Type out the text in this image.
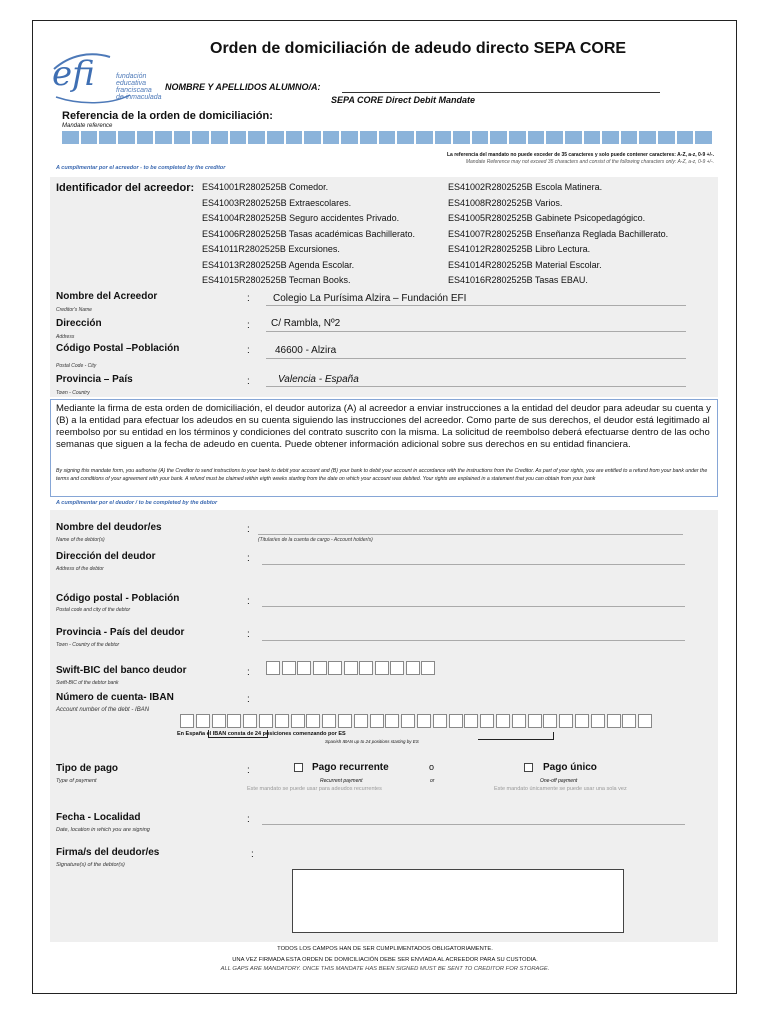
efi	fundación
educativa
franciscana
de inmaculada
Orden de domiciliación de adeudo directo SEPA CORE
NOMBRE Y APELLIDOS ALUMNO/A:
SEPA CORE Direct Debit Mandate
Referencia de la orden de domiciliación:
Mandate reference
La referencia del mandato no puede exceder de 35 caracteres y solo puede contener caracteres: A-Z, a-z, 0-9 +/-.
Mandate Reference may not exceed 35 characters and consist of the following characters only: A-Z, a-z, 0-9 +/-.
A cumplimentar por el acreedor - to be completed by the creditor
Identificador del acreedor: ES41001R2802525B Comedor.	ES41002R2802525B Escola Matinera.
ES41003R2802525B Extraescolares.	ES41008R2802525B Varios.
ES41004R2802525B Seguro accidentes Privado.	ES41005R2802525B Gabinete Psicopedagógico.
ES41006R2802525B Tasas académicas Bachillerato.	ES41007R2802525B Enseñanza Reglada Bachillerato.
ES41011R2802525B Excursiones.	ES41012R2802525B Libro Lectura.
ES41013R2802525B Agenda Escolar.	ES41014R2802525B Material Escolar.
ES41015R2802525B Tecman Books.	ES41016R2802525B Tasas EBAU.
Nombre del Acreedor
Creditor's Name
: Colegio La Purísima Alzira – Fundación EFI
Dirección
Address
: C/ Rambla, Nº2
Código Postal –Población
Postal Code - City
:	46600 - Alzira
Provincia – País
Town - Country
:	Valencia - España
Mediante la firma de esta orden de domiciliación, el deudor autoriza (A) al acreedor a enviar instrucciones a la entidad del deudor para adeudar su cuenta y (B) a la entidad para efectuar los adeudos en su cuenta siguiendo las instrucciones del acreedor. Como parte de sus derechos, el deudor está legitimado al reembolso por su entidad en los términos y condiciones del contrato suscrito con la misma. La solicitud de reembolso deberá efectuarse dentro de las ocho semanas que siguen a la fecha de adeudo en cuenta. Puede obtener información adicional sobre sus derechos en su entidad financiera.
By signing this mandate form, you authorise (A) the Creditor to send instructions to your bank to debit your account and (B) your bank to debit your account in accordance with the instructions from the Creditor. As part of your rights, you are entitled to a refund from your bank under the terms and conditions of your agreement with your bank. A refund must be claimed within eigth weeks starting from the date on which your account was debited. Your rights are explained in a statement that you can obtain from your bank
A cumplimentar por el deudor / to be completed by the debtor
Nombre del deudor/es
Name of the debtor(s)
:
(Titular/es de la cuenta de cargo - Account holder/s)
Dirección del deudor
Address of the debtor
:
Código postal - Población
Postal code and city of the debtor
:
Provincia - País del deudor
Town - Country of the debtor
:
Swift-BIC del banco deudor
Swift-BIC of the debtor bank
:
Número de cuenta- IBAN
Account number of the debt - IBAN
:
En España el IBAN consta de 24 posiciones comenzando por ES
Spanish IBAN up to 24 positions starting by ES
Tipo de pago
Type of payment
:	Pago recurrente
Recurrent payment
Este mandato se puede usar para adeudos recurrentes
o
or
Pago único
One-off payment
Este mandato únicamente se puede usar una sola vez
Fecha - Localidad
Date, location in which you are signing
:
Firma/s del deudor/es
Signature(s) of the debtor(s)
:
TODOS LOS CAMPOS HAN DE SER CUMPLIMENTADOS OBLIGATORIAMENTE.
UNA VEZ FIRMADA ESTA ORDEN DE DOMICILIACIÓN DEBE SER ENVIADA AL ACREEDOR PARA SU CUSTODIA.
ALL GAPS ARE MANDATORY. ONCE THIS MANDATE HAS BEEN SIGNED MUST BE SENT TO CREDITOR FOR STORAGE.
